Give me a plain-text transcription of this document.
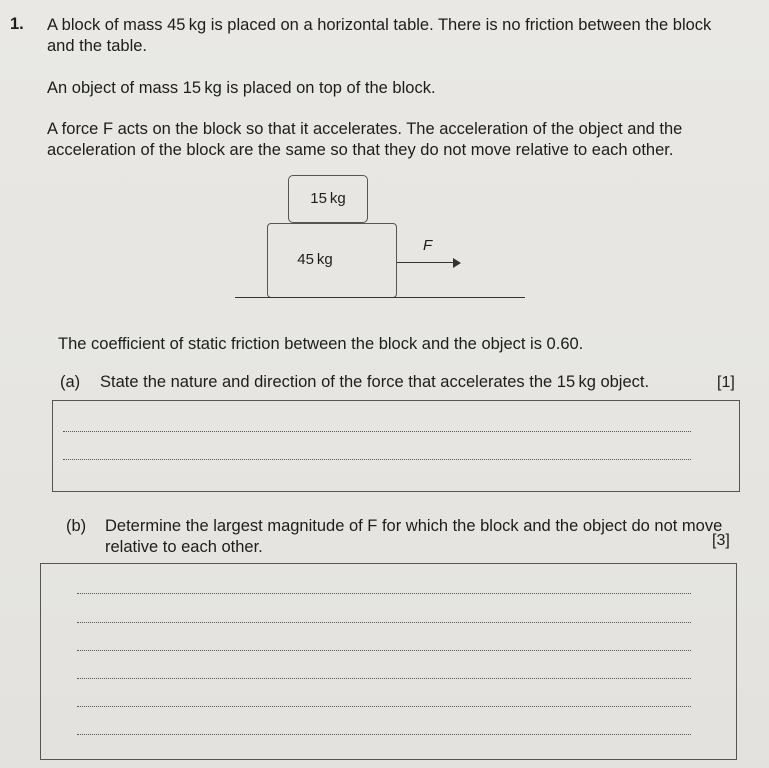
1. A block of mass 45 kg is placed on a horizontal table. There is no friction between the block
and the table.
An object of mass 15 kg is placed on top of the block.
A force F acts on the block so that it accelerates. The acceleration of the object and the
acceleration of the block are the same so that they do not move relative to each other.
15 kg
45 kg
F
The coefficient of static friction between the block and the object is 0.60.
(a) State the nature and direction of the force that accelerates the 15 kg object.	[1]
(b) Determine the largest magnitude of F for which the block and the object do not move
relative to each other.	[3]
